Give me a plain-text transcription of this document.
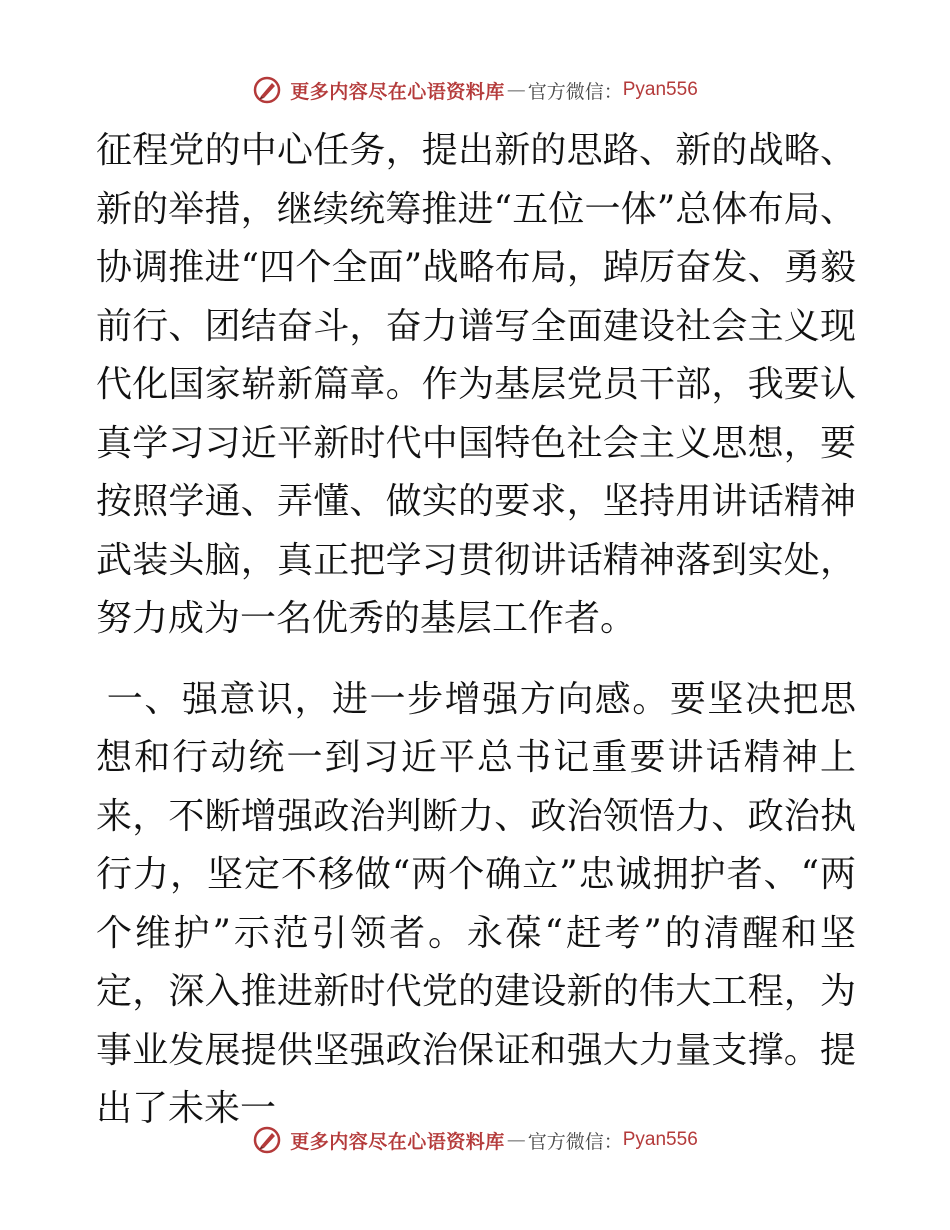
更多内容尽在心语资料库 — 官方微信： Pyan556

征程党的中心任务，提出新的思路、新的战略、新的举措，继续统筹推进“五位一体”总体布局、协调推进“四个全面”战略布局，踔厉奋发、勇毅前行、团结奋斗，奋力谱写全面建设社会主义现代化国家崭新篇章。作为基层党员干部，我要认真学习习近平新时代中国特色社会主义思想，要按照学通、弄懂、做实的要求，坚持用讲话精神武装头脑，真正把学习贯彻讲话精神落到实处，努力成为一名优秀的基层工作者。

一、强意识，进一步增强方向感。要坚决把思想和行动统一到习近平总书记重要讲话精神上来，不断增强政治判断力、政治领悟力、政治执行力，坚定不移做“两个确立”忠诚拥护者、“两个维护”示范引领者。永葆“赶考”的清醒和坚定，深入推进新时代党的建设新的伟大工程，为事业发展提供坚强政治保证和强大力量支撑。提出了未来一

更多内容尽在心语资料库 — 官方微信： Pyan556
